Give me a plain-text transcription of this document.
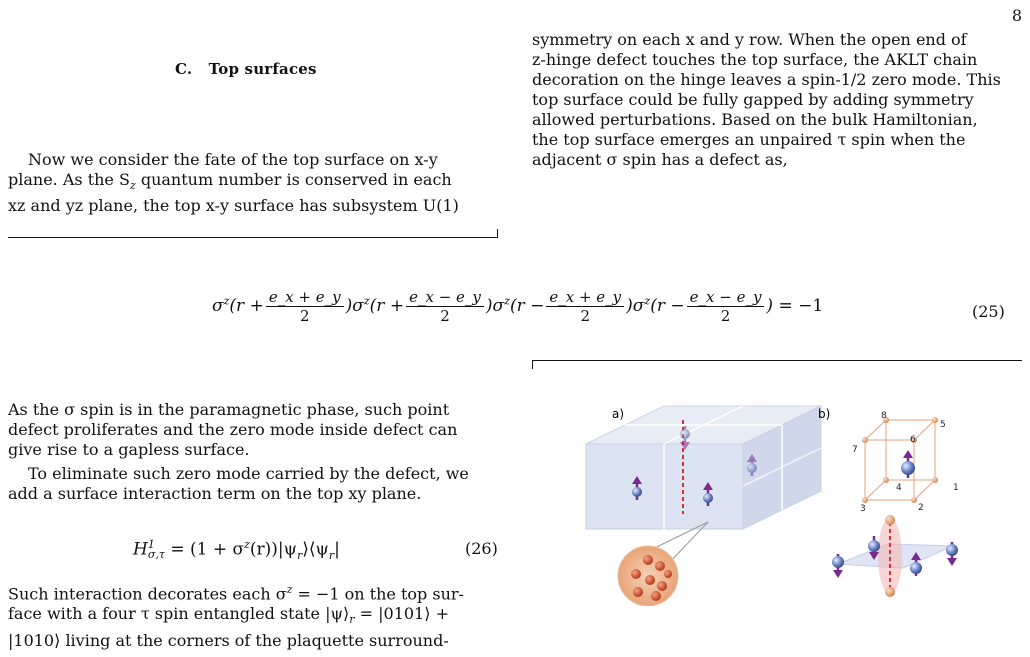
8
C. Top surfaces
Now we consider the fate of the top surface on x-y
plane. As the $S_z$ quantum number is conserved in each
xz and yz plane, the top x-y surface has subsystem U(1)
symmetry on each x and y row. When the open end of
z-hinge defect touches the top surface, the AKLT chain
decoration on the hinge leaves a spin-1/2 zero mode. This
top surface could be fully gapped by adding symmetry
allowed perturbations. Based on the bulk Hamiltonian,
the top surface emerges an unpaired τ spin when the
adjacent σ spin has a defect as,
$\sigma^z(r + \frac{e\_x + e\_y}{2} )\sigma^z(r + \frac{e\_x - e\_y}{2} )\sigma^z(r - \frac{e\_x + e\_y}{2} )\sigma^z(r - \frac{e\_x - e\_y}{2}$ ) = −1	(25)
As the σ spin is in the paramagnetic phase, such point
defect proliferates and the zero mode inside defect can
give rise to a gapless surface.
To eliminate such zero mode carried by the defect, we
add a surface interaction term on the top xy plane.
H 1
$\sigma,\tau = (1 + \sigma^z(r))|\psi_r⟩⟨\psi_r|$	(26)
Such interaction decorates each $\sigma^z = -1$ on the top sur-
face with a four τ spin entangled state $|\psi⟩_r$ = |0101⟩ +
|1010⟩ living at the corners of the plaquette surround-
a)	b)
1
2
3
4
5
6
7
8
